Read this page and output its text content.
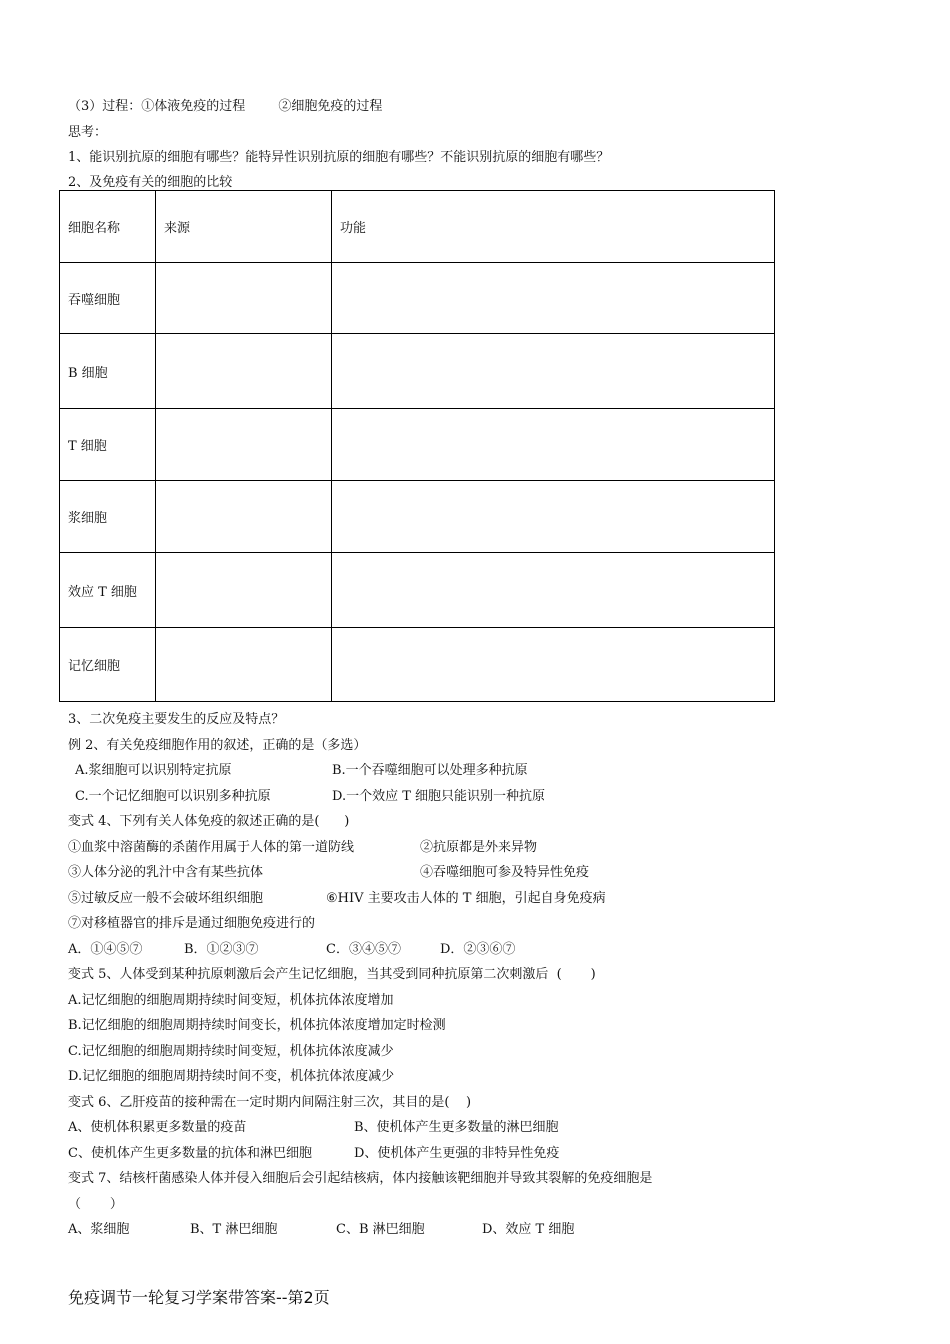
（3）过程：①体液免疫的过程        ②细胞免疫的过程
思考：
1、能识别抗原的细胞有哪些？能特异性识别抗原的细胞有哪些？不能识别抗原的细胞有哪些？
2、及免疫有关的细胞的比较
细胞名称	来源	功能
吞噬细胞		
B 细胞		
T 细胞		
浆细胞		
效应 T 细胞		
记忆细胞		
3、二次免疫主要发生的反应及特点？
例 2、有关免疫细胞作用的叙述，正确的是（多选）
A.浆细胞可以识别特定抗原	B.一个吞噬细胞可以处理多种抗原
C.一个记忆细胞可以识别多种抗原	D.一个效应 T 细胞只能识别一种抗原
变式 4、下列有关人体免疫的叙述正确的是(      )
①血浆中溶菌酶的杀菌作用属于人体的第一道防线	②抗原都是外来异物
③人体分泌的乳汁中含有某些抗体	④吞噬细胞可参及特异性免疫
⑤过敏反应一般不会破坏组织细胞	⑥HIV 主要攻击人体的 T 细胞，引起自身免疫病
⑦对移植器官的排斥是通过细胞免疫进行的
A．①④⑤⑦	B．①②③⑦	C．③④⑤⑦	D．②③⑥⑦
变式 5、人体受到某种抗原刺激后会产生记忆细胞，当其受到同种抗原第二次刺激后  (       )
A.记忆细胞的细胞周期持续时间变短，机体抗体浓度增加
B.记忆细胞的细胞周期持续时间变长，机体抗体浓度增加定时检测
C.记忆细胞的细胞周期持续时间变短，机体抗体浓度减少
D.记忆细胞的细胞周期持续时间不变，机体抗体浓度减少
变式 6、乙肝疫苗的接种需在一定时期内间隔注射三次，其目的是(    )
A、使机体积累更多数量的疫苗	B、使机体产生更多数量的淋巴细胞
C、使机体产生更多数量的抗体和淋巴细胞	D、使机体产生更强的非特异性免疫
变式 7、结核杆菌感染人体并侵入细胞后会引起结核病，体内接触该靶细胞并导致其裂解的免疫细胞是
（       ）
A、浆细胞	B、T 淋巴细胞	C、B 淋巴细胞	D、效应 T 细胞
免疫调节一轮复习学案带答案--第2页
